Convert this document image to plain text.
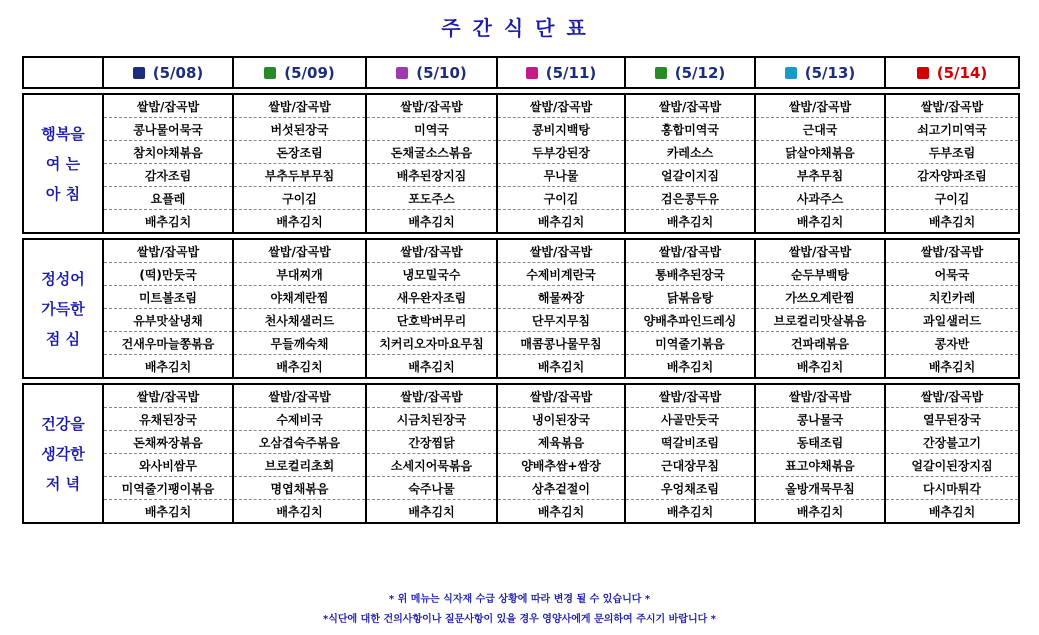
주간식단표
	(5/08)	(5/09)	(5/10)	(5/11)	(5/12)	(5/13)	(5/14)

행복을
여 는
아 침	쌀밥/잡곡밥	쌀밥/잡곡밥	쌀밥/잡곡밥	쌀밥/잡곡밥	쌀밥/잡곡밥	쌀밥/잡곡밥	쌀밥/잡곡밥
	콩나물어묵국	버섯된장국	미역국	콩비지백탕	홍합미역국	근대국	쇠고기미역국
	참치야채볶음	돈장조림	돈채굴소스볶음	두부강된장	카레소스	닭살야채볶음	두부조림
	감자조림	부추두부무침	배추된장지짐	무나물	얼갈이지짐	부추무침	감자양파조림
	요플레	구이김	포도주스	구이김	검은콩두유	사과주스	구이김
	배추김치	배추김치	배추김치	배추김치	배추김치	배추김치	배추김치

정성어
가득한
점 심	쌀밥/잡곡밥	쌀밥/잡곡밥	쌀밥/잡곡밥	쌀밥/잡곡밥	쌀밥/잡곡밥	쌀밥/잡곡밥	쌀밥/잡곡밥
	(떡)만둣국	부대찌개	냉모밀국수	수제비계란국	통배추된장국	순두부백탕	어묵국
	미트볼조림	야채계란찜	새우완자조림	해물짜장	닭볶음탕	가쓰오계란찜	치킨카레
	유부맛살냉채	천사채샐러드	단호박버무리	단무지무침	양배추파인드레싱	브로컬리맛살볶음	과일샐러드
	건새우마늘쫑볶음	무들깨숙채	치커리오자마요무침	매콤콩나물무침	미역줄기볶음	건파래볶음	콩자반
	배추김치	배추김치	배추김치	배추김치	배추김치	배추김치	배추김치

건강을
생각한
저 녁	쌀밥/잡곡밥	쌀밥/잡곡밥	쌀밥/잡곡밥	쌀밥/잡곡밥	쌀밥/잡곡밥	쌀밥/잡곡밥	쌀밥/잡곡밥
	유채된장국	수제비국	시금치된장국	냉이된장국	사골만둣국	콩나물국	열무된장국
	돈채짜장볶음	오삼겹숙주볶음	간장찜닭	제육볶음	떡갈비조림	동태조림	간장불고기
	와사비쌈무	브로컬리초회	소세지어묵볶음	양배추쌈+쌈장	근대장무침	표고야채볶음	얼갈이된장지짐
	미역줄기팽이볶음	명엽채볶음	숙주나물	상추겉절이	우엉채조림	올방개묵무침	다시마튀각
	배추김치	배추김치	배추김치	배추김치	배추김치	배추김치	배추김치
* 위 메뉴는 식자재 수급 상황에 따라 변경 될 수 있습니다 *
*식단에 대한 건의사항이나 질문사항이 있을 경우 영양사에게 문의하여 주시기 바랍니다 *
